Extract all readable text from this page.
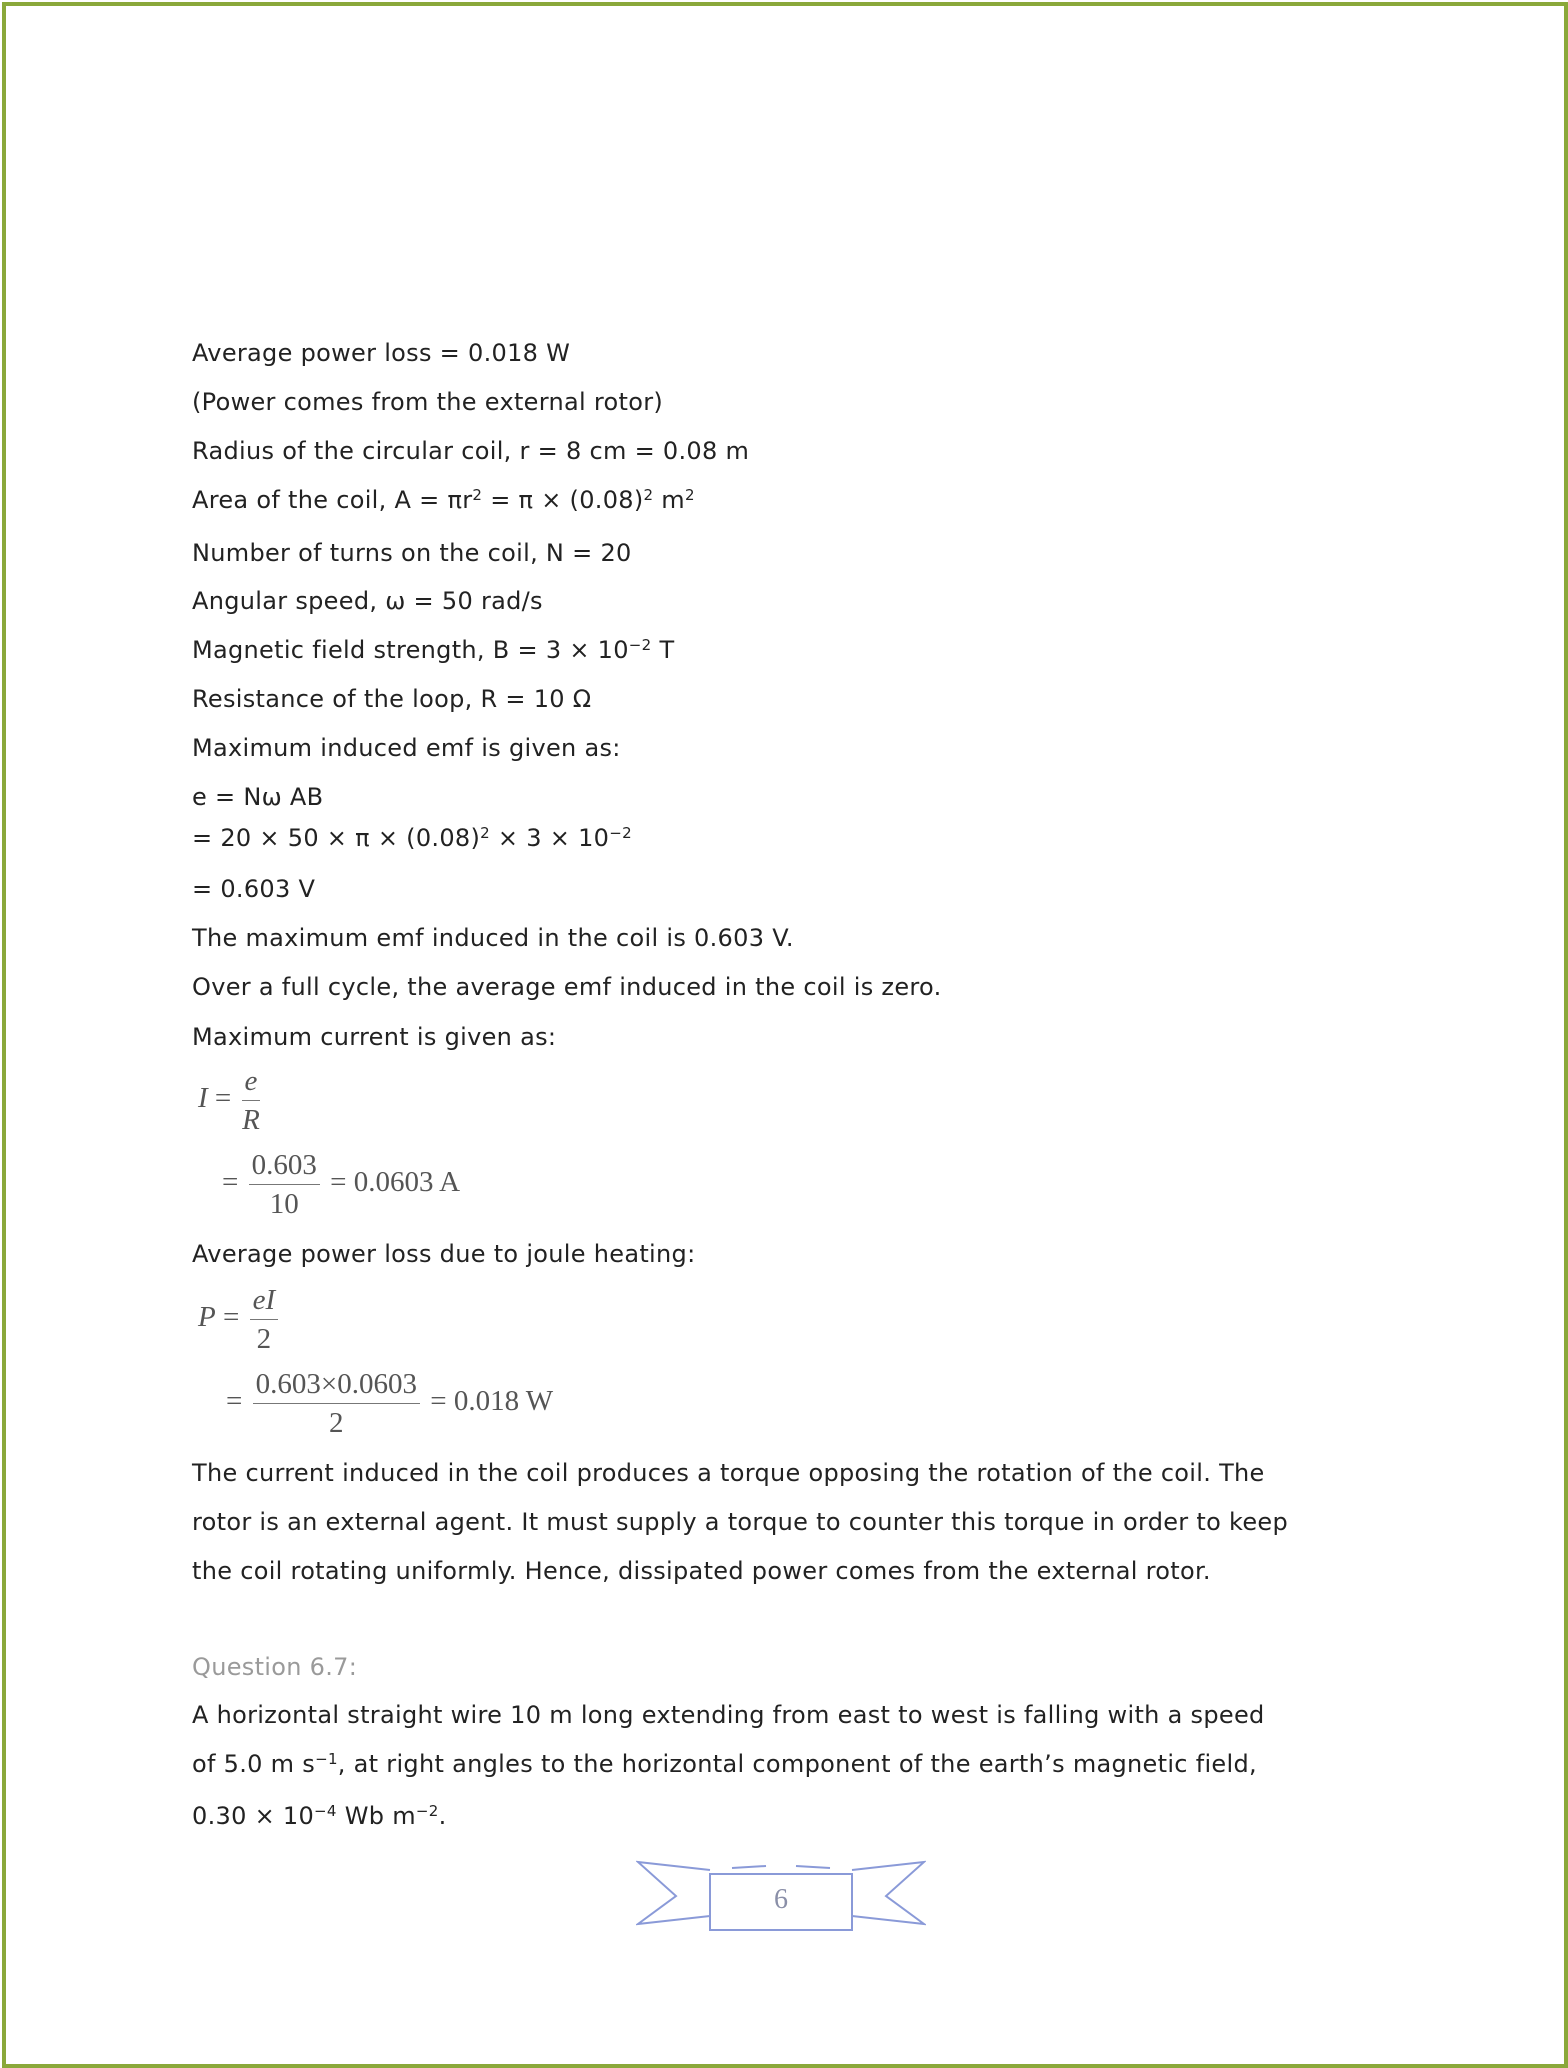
Average power loss = 0.018 W
(Power comes from the external rotor)
Radius of the circular coil, r = 8 cm = 0.08 m
Area of the coil, $A = \pi r^2 = \pi \times (0.08)^2$ $m^2$
Number of turns on the coil, N = 20
Angular speed, ω = 50 rad/s
Magnetic field strength, $B = 3 \times 10^{-2}$ T
Resistance of the loop, R = 10 Ω
Maximum induced emf is given as:
e = Nω AB
= $20 \times 50 \times \pi \times (0.08)^2 \times 3 \times 10^{-2}$
= 0.603 V
The maximum emf induced in the coil is 0.603 V.
Over a full cycle, the average emf induced in the coil is zero.
Maximum current is given as:
$I = \frac{e}{R}$
= $\frac{0.603}{10} = 0.0603$ A
Average power loss due to joule heating:
$P = \frac{eI}{2}$
= $\frac{0.603\times 0.0603}{2} = 0.018$ W
The current induced in the coil produces a torque opposing the rotation of the coil. The
rotor is an external agent. It must supply a torque to counter this torque in order to keep
the coil rotating uniformly. Hence, dissipated power comes from the external rotor.
Question 6.7:
A horizontal straight wire 10 m long extending from east to west is falling with a speed
of 5.0 m $s^{-1}$, at right angles to the horizontal component of the earth’s magnetic field,
$0.30 \times 10^{-4}$ Wb $m^{-2}$.
6
